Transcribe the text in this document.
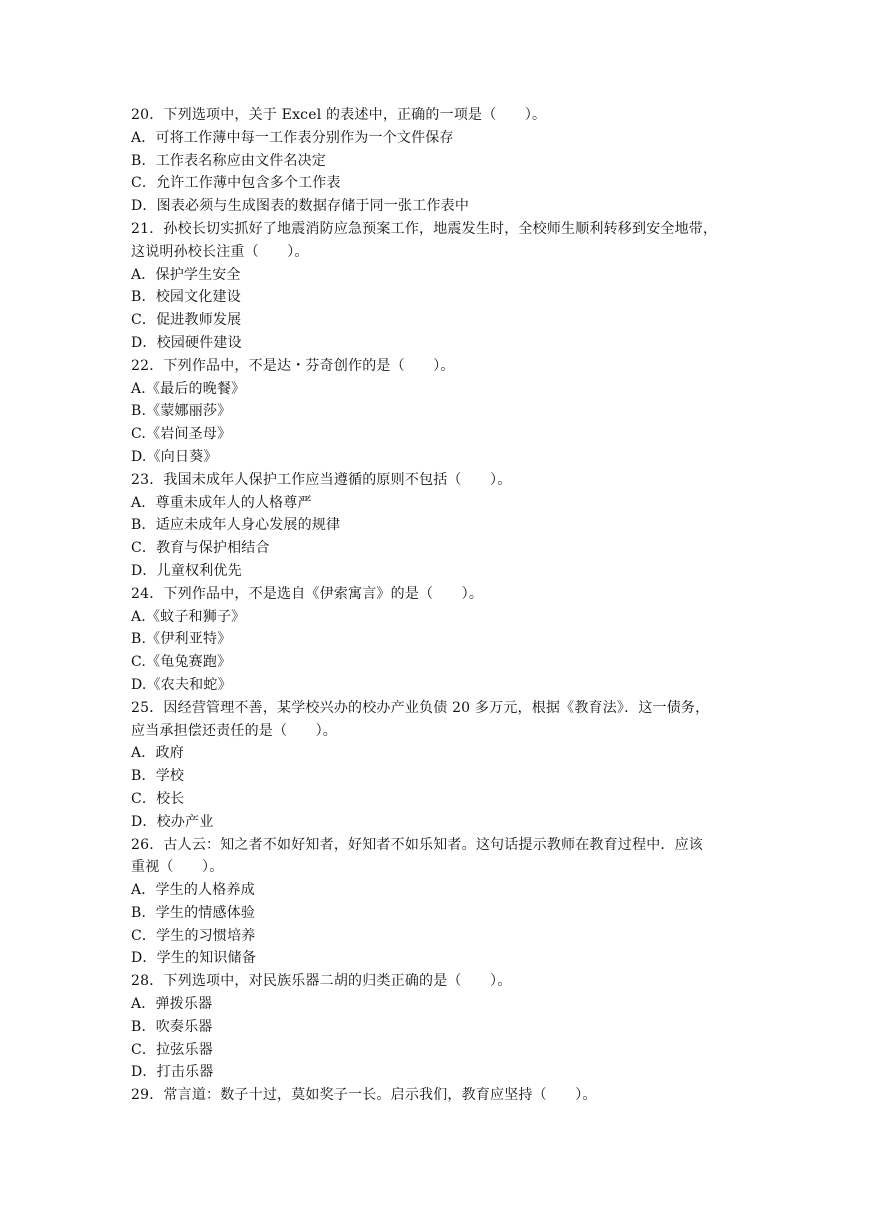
20．下列选项中，关于 Excel 的表述中，正确的一项是（　　）。
A．可将工作薄中每一工作表分别作为一个文件保存
B．工作表名称应由文件名决定
C．允许工作薄中包含多个工作表
D．图表必须与生成图表的数据存储于同一张工作表中
21．孙校长切实抓好了地震消防应急预案工作，地震发生时，全校师生顺利转移到安全地带，
这说明孙校长注重（　　）。
A．保护学生安全
B．校园文化建设
C．促进教师发展
D．校园硬件建设
22．下列作品中，不是达・芬奇创作的是（　　）。
A.《最后的晚餐》
B.《蒙娜丽莎》
C.《岩间圣母》
D.《向日葵》
23．我国未成年人保护工作应当遵循的原则不包括（　　）。
A．尊重未成年人的人格尊严
B．适应未成年人身心发展的规律
C．教育与保护相结合
D．儿童权利优先
24．下列作品中，不是选自《伊索寓言》的是（　　）。
A.《蚊子和狮子》
B.《伊利亚特》
C.《龟兔赛跑》
D.《农夫和蛇》
25．因经营管理不善，某学校兴办的校办产业负债 20 多万元，根据《教育法》．这一债务，
应当承担偿还责任的是（　　）。
A．政府
B．学校
C．校长
D．校办产业
26．古人云：知之者不如好知者，好知者不如乐知者。这句话提示教师在教育过程中．应该
重视（　　）。
A．学生的人格养成
B．学生的情感体验
C．学生的习惯培养
D．学生的知识储备
28．下列选项中，对民族乐器二胡的归类正确的是（　　）。
A．弹拨乐器
B．吹奏乐器
C．拉弦乐器
D．打击乐器
29．常言道：数子十过，莫如奖子一长。启示我们，教育应坚持（　　）。
